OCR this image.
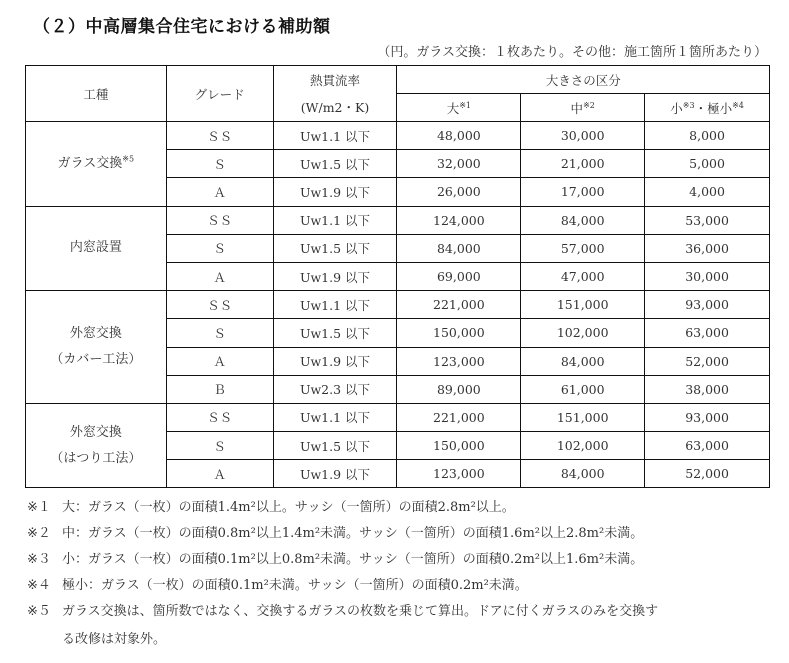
（２）中高層集合住宅における補助額
（円。ガラス交換：１枚あたり。その他：施工箇所１箇所あたり）
工種	グレード	熱貫流率	大きさの区分		
		(W/m2・K)	大$^{※1}$	中$^{※2}$	小$^{※3}$・極小$^{※4}$
ガラス交換$^{※5}$	ＳＳ	Uw1.1 以下	48,000	30,000	8,000
	Ｓ	Uw1.5 以下	32,000	21,000	5,000
	Ａ	Uw1.9 以下	26,000	17,000	4,000
内窓設置	ＳＳ	Uw1.1 以下	124,000	84,000	53,000
	Ｓ	Uw1.5 以下	84,000	57,000	36,000
	Ａ	Uw1.9 以下	69,000	47,000	30,000

外窓交換
（カバー工法）	ＳＳ	Uw1.1 以下	221,000	151,000	93,000
	Ｓ	Uw1.5 以下	150,000	102,000	63,000
	Ａ	Uw1.9 以下	123,000	84,000	52,000
	Ｂ	Uw2.3 以下	89,000	61,000	38,000

外窓交換
（はつり工法）	ＳＳ	Uw1.1 以下	221,000	151,000	93,000
	Ｓ	Uw1.5 以下	150,000	102,000	63,000
	Ａ	Uw1.9 以下	123,000	84,000	52,000
※１ 大：ガラス（一枚）の面積1.4m²以上。サッシ（一箇所）の面積2.8m²以上。
※２ 中：ガラス（一枚）の面積0.8m²以上1.4m²未満。サッシ（一箇所）の面積1.6m²以上2.8m²未満。
※３ 小：ガラス（一枚）の面積0.1m²以上0.8m²未満。サッシ（一箇所）の面積0.2m²以上1.6m²未満。
※４ 極小：ガラス（一枚）の面積0.1m²未満。サッシ（一箇所）の面積0.2m²未満。
※５ ガラス交換は、箇所数ではなく、交換するガラスの枚数を乗じて算出。ドアに付くガラスのみを交換す
る改修は対象外。
